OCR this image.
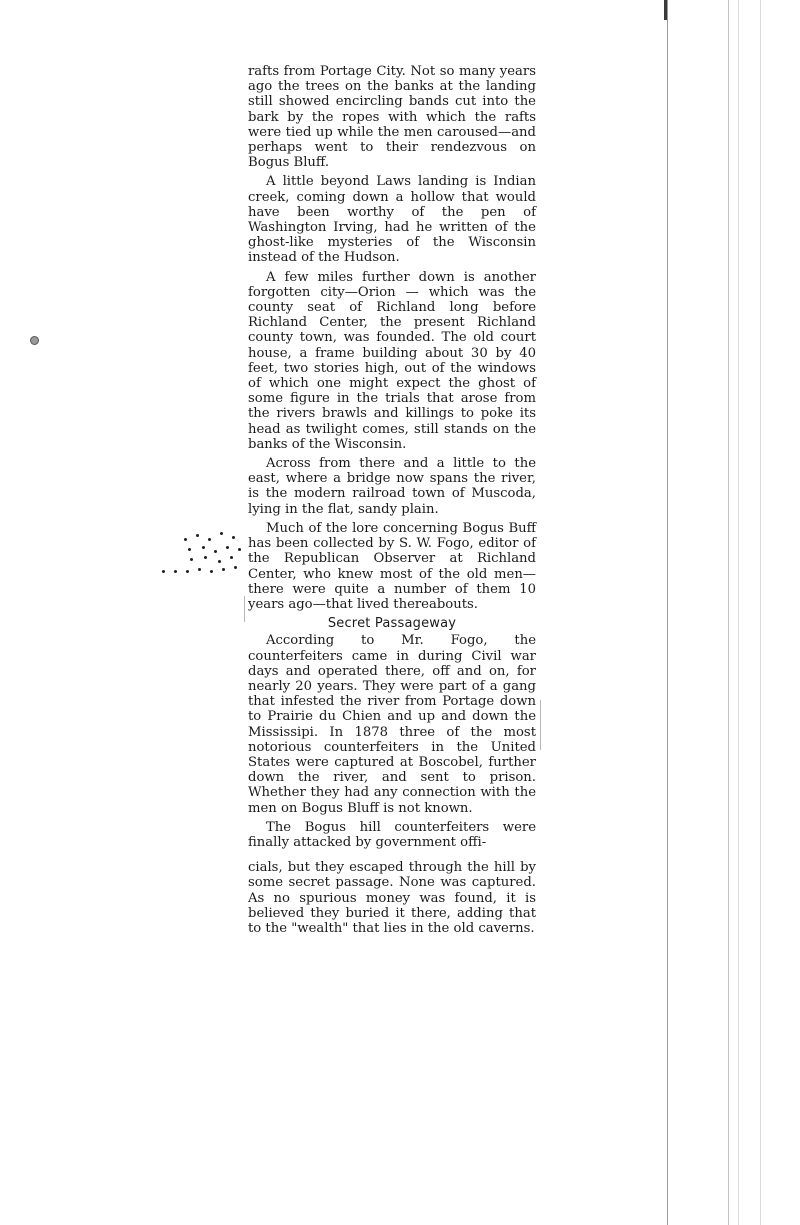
rafts from Portage City. Not so many years ago the trees on the banks at the landing still showed encircling bands cut into the bark by the ropes with which the rafts were tied up while the men caroused—and perhaps went to their rendezvous on Bogus Bluff.

A little beyond Laws landing is Indian creek, coming down a hollow that would have been worthy of the pen of Washington Irving, had he written of the ghost-like mysteries of the Wisconsin instead of the Hudson.

A few miles further down is another forgotten city—Orion — which was the county seat of Richland long before Richland Center, the present Richland county town, was founded. The old court house, a frame building about 30 by 40 feet, two stories high, out of the windows of which one might expect the ghost of some figure in the trials that arose from the rivers brawls and killings to poke its head as twilight comes, still stands on the banks of the Wisconsin.

Across from there and a little to the east, where a bridge now spans the river, is the modern railroad town of Muscoda, lying in the flat, sandy plain.

Much of the lore concerning Bogus Buff has been collected by S. W. Fogo, editor of the Republican Observer at Richland Center, who knew most of the old men—there were quite a number of them 10 years ago—that lived thereabouts.

Secret Passageway

According to Mr. Fogo, the counterfeiters came in during Civil war days and operated there, off and on, for nearly 20 years. They were part of a gang that infested the river from Portage down to Prairie du Chien and up and down the Mississipi. In 1878 three of the most notorious counterfeiters in the United States were captured at Boscobel, further down the river, and sent to prison. Whether they had any connection with the men on Bogus Bluff is not known.

The Bogus hill counterfeiters were finally attacked by government offi-

cials, but they escaped through the hill by some secret passage. None was captured. As no spurious money was found, it is believed they buried it there, adding that to the "wealth" that lies in the old caverns.
